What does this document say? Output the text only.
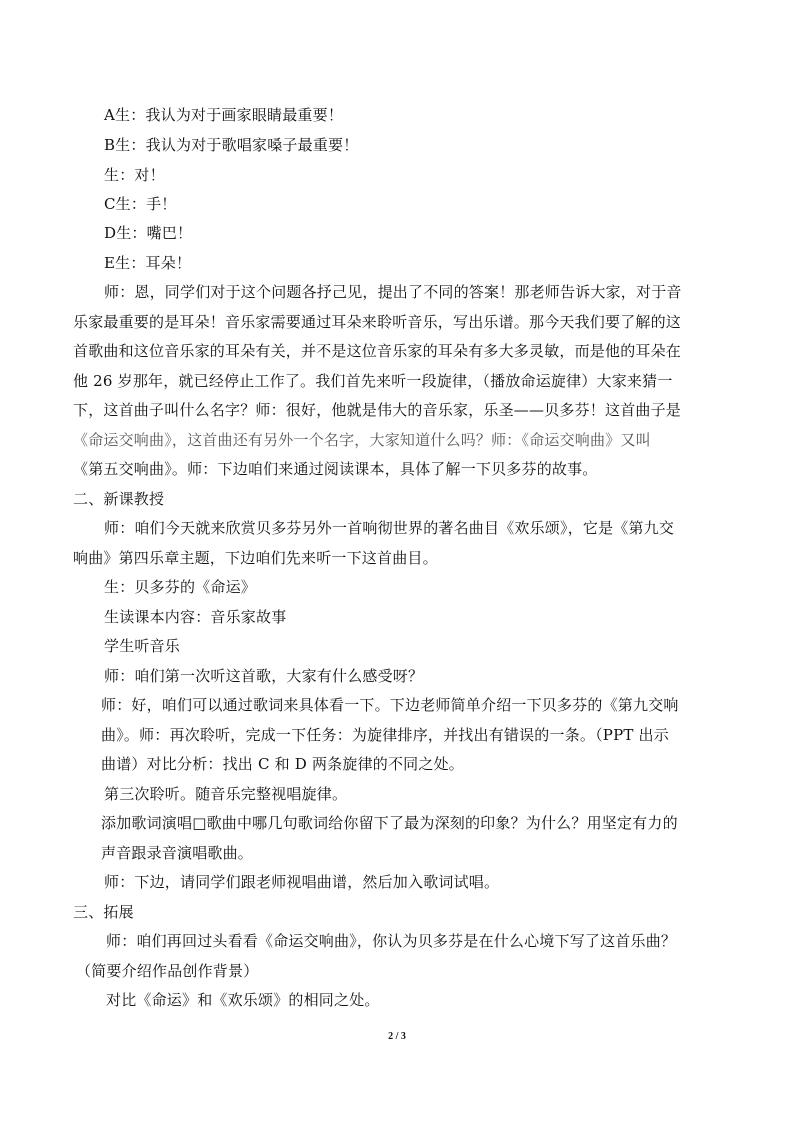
A生：我认为对于画家眼睛最重要！
B生：我认为对于歌唱家嗓子最重要！
生：对！
C生：手！
D生：嘴巴！
E生：耳朵！
师：恩，同学们对于这个问题各抒己见，提出了不同的答案！那老师告诉大家，对于音
乐家最重要的是耳朵！音乐家需要通过耳朵来聆听音乐，写出乐谱。那今天我们要了解的这
首歌曲和这位音乐家的耳朵有关，并不是这位音乐家的耳朵有多大多灵敏，而是他的耳朵在
他 26 岁那年，就已经停止工作了。我们首先来听一段旋律，（播放命运旋律）大家来猜一
下，这首曲子叫什么名字？师：很好，他就是伟大的音乐家，乐圣——贝多芬！这首曲子是
《命运交响曲》，这首曲还有另外一个名字，大家知道什么吗？师：《命运交响曲》又叫
《第五交响曲》。师：下边咱们来通过阅读课本，具体了解一下贝多芬的故事。
二、新课教授
师：咱们今天就来欣赏贝多芬另外一首响彻世界的著名曲目《欢乐颂》，它是《第九交
响曲》第四乐章主题，下边咱们先来听一下这首曲目。
生：贝多芬的《命运》
生读课本内容：音乐家故事
学生听音乐
师：咱们第一次听这首歌，大家有什么感受呀？
师：好，咱们可以通过歌词来具体看一下。下边老师简单介绍一下贝多芬的《第九交响
曲》。师：再次聆听，完成一下任务：为旋律排序，并找出有错误的一条。（PPT 出示
曲谱）对比分析：找出 C 和 D 两条旋律的不同之处。
第三次聆听。随音乐完整视唱旋律。
添加歌词演唱□歌曲中哪几句歌词给你留下了最为深刻的印象？为什么？用坚定有力的
声音跟录音演唱歌曲。
师：下边，请同学们跟老师视唱曲谱，然后加入歌词试唱。
三、拓展
师：咱们再回过头看看《命运交响曲》，你认为贝多芬是在什么心境下写了这首乐曲？
（简要介绍作品创作背景）
对比《命运》和《欢乐颂》的相同之处。
2 / 3
